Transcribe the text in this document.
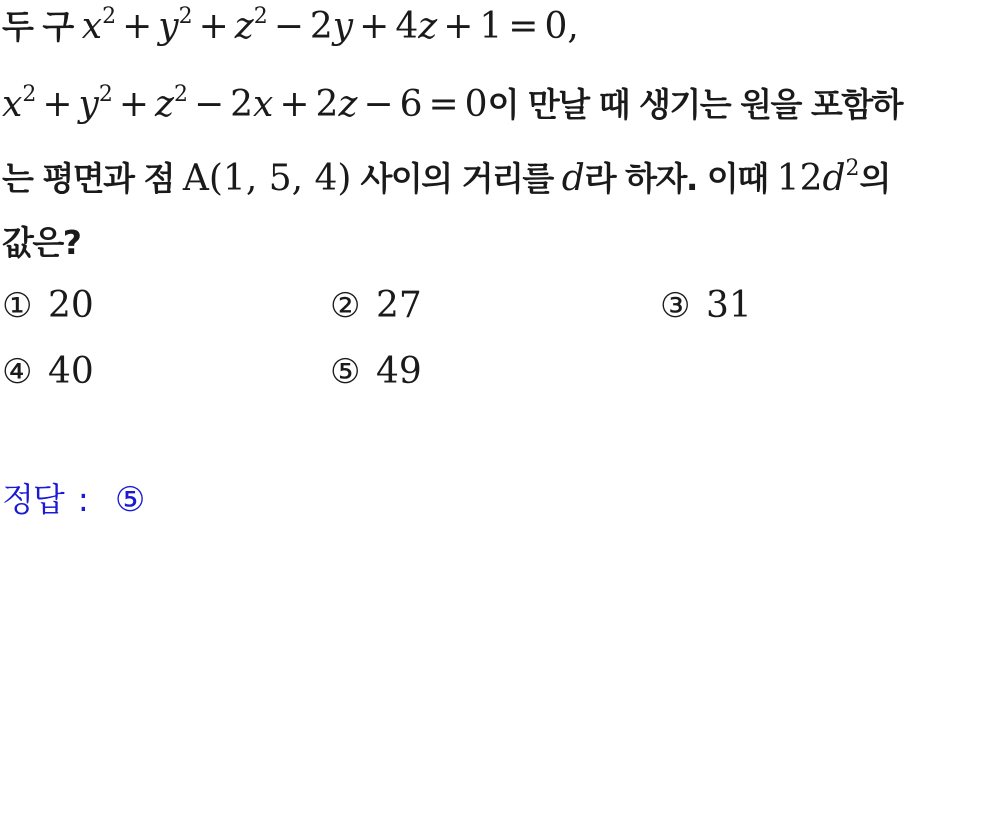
두 구 $x^2 + y^2 + z^2 - 2y + 4z + 1 = 0$,
$x^2 + y^2 + z^2 - 2x + 2z - 6 = 0$이 만날 때 생기는 원을 포함하
는 평면과 점 A(1, 5, 4) 사이의 거리를 d라 하자. 이때 $12d^2$의
값은?
① 20	② 27	③ 31
④ 40	⑤ 49
정답 : ⑤
